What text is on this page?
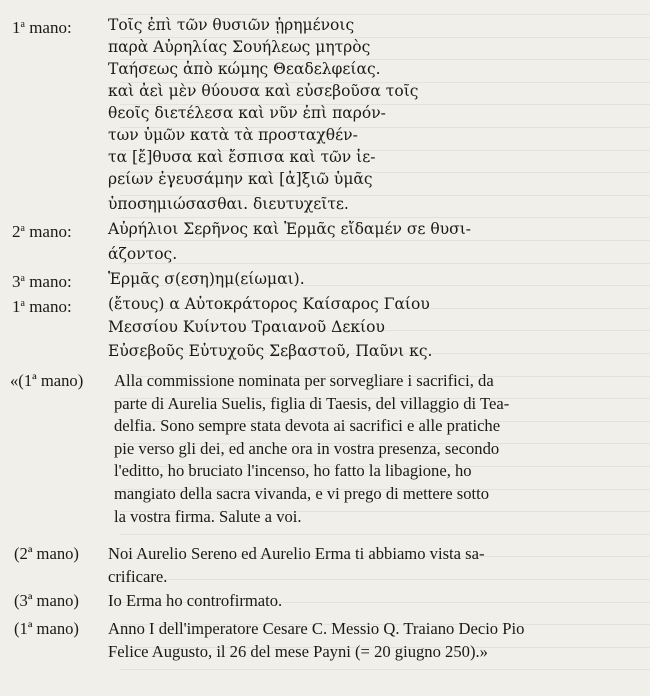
1$^a$ mano:	Τοῖς ἐπὶ τῶν θυσιῶν ᾑρημένοις
παρὰ Αὐρηλίας Σουήλεως μητρὸς
Ταήσεως ἀπὸ κώμης Θεαδελφείας.
καὶ ἀεὶ μὲν θύουσα καὶ εὐσεβοῦσα τοῖς
θεοῖς διετέλεσα καὶ νῦν ἐπὶ παρόν-
των ὑμῶν κατὰ τὰ προσταχθέν-
τα [ἔ]θυσα καὶ ἔσπισα καὶ τῶν ἱε-
ρείων ἐγευσάμην καὶ [ἀ]ξιῶ ὑμᾶς
ὑποσημιώσασθαι. διευτυχεῖτε.
2$^a$ mano:	Αὐρήλιοι Σερῆνος καὶ Ἑρμᾶς εἴδαμέν σε θυσι-
άζοντος.
3$^a$ mano:	Ἑρμᾶς σ(εση)ημ(είωμαι).
1$^a$ mano:	(ἔτους) α Αὐτοκράτορος Καίσαρος Γαίου
Μεσσίου Κυίντου Τραιανοῦ Δεκίου
Εὐσεβοῦς Εὐτυχοῦς Σεβαστοῦ, Παῦνι κς.
«(1ª mano) Alla commissione nominata per sorvegliare i sacrifici, da
parte di Aurelia Suelis, figlia di Taesis, del villaggio di Tea-
delfia. Sono sempre stata devota ai sacrifici e alle pratiche
pie verso gli dei, ed anche ora in vostra presenza, secondo
l'editto, ho bruciato l'incenso, ho fatto la libagione, ho
mangiato della sacra vivanda, e vi prego di mettere sotto
la vostra firma. Salute a voi.
(2ª mano) Noi Aurelio Sereno ed Aurelio Erma ti abbiamo vista sa-
crificare.
(3ª mano) Io Erma ho controfirmato.
(1ª mano) Anno I dell'imperatore Cesare C. Messio Q. Traiano Decio Pio
Felice Augusto, il 26 del mese Payni (= 20 giugno 250).»
